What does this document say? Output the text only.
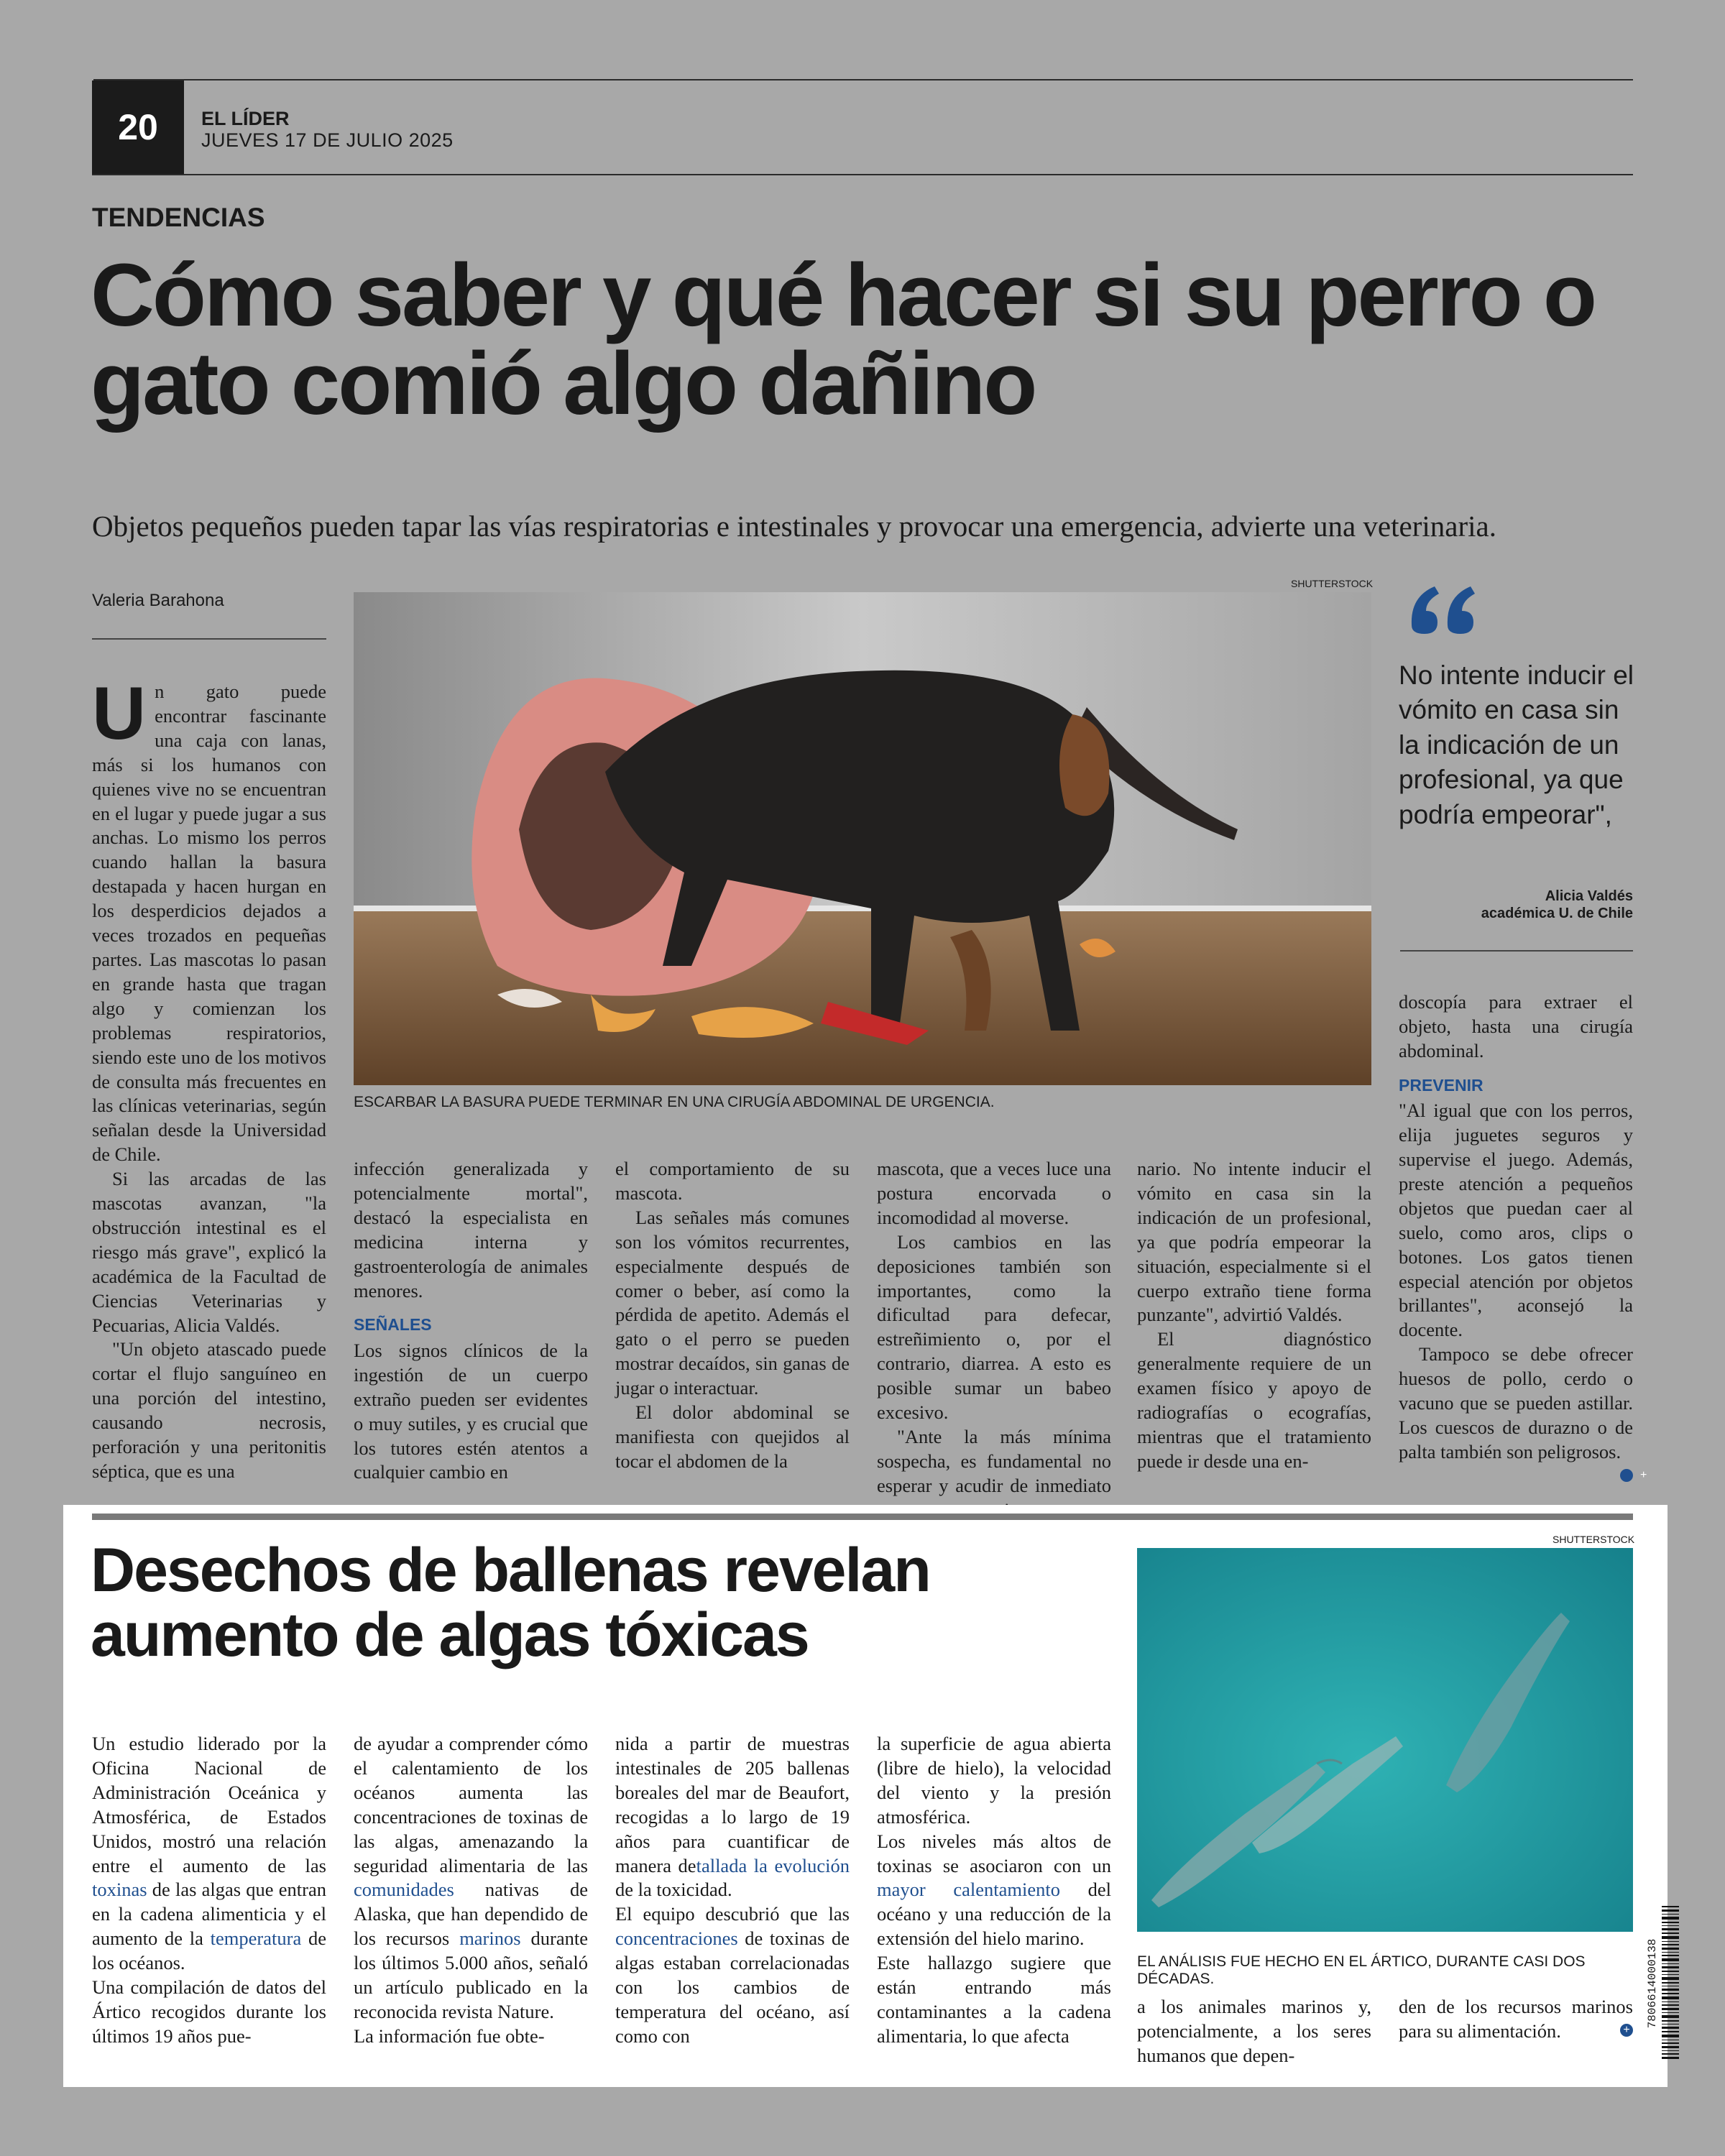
20	EL LÍDER
JUEVES 17 DE JULIO 2025
TENDENCIAS
Cómo saber y qué hacer si su perro o gato comió algo dañino
Objetos pequeños pueden tapar las vías respiratorias e intestinales y provocar una emergencia, advierte una veterinaria.
Valeria Barahona
SHUTTERSTOCK
ESCARBAR LA BASURA PUEDE TERMINAR EN UNA CIRUGÍA ABDOMINAL DE URGENCIA.
No intente inducir el vómito en casa sin la indicación de un profesional, ya que podría empeorar",
Alicia Valdés
académica U. de Chile

Un gato puede encontrar fascinante una caja con lanas, más si los humanos con quienes vive no se encuentran en el lugar y puede jugar a sus anchas. Lo mismo los perros cuando hallan la basura destapada y hacen hurgan en los desperdicios dejados a veces trozados en pequeñas partes. Las mascotas lo pasan en grande hasta que tragan algo y comienzan los problemas respiratorios, siendo este uno de los motivos de consulta más frecuentes en las clínicas veterinarias, según señalan desde la Universidad de Chile.

Si las arcadas de las mascotas avanzan, "la obstrucción intestinal es el riesgo más grave", explicó la académica de la Facultad de Ciencias Veterinarias y Pecuarias, Alicia Valdés.

"Un objeto atascado puede cortar el flujo sanguíneo en una porción del intestino, causando necrosis, perforación y una peritonitis séptica, que es una

infección generalizada y potencialmente mortal", destacó la especialista en medicina interna y gastroenterología de animales menores.

SEÑALES

Los signos clínicos de la ingestión de un cuerpo extraño pueden ser evidentes o muy sutiles, y es crucial que los tutores estén atentos a cualquier cambio en

el comportamiento de su mascota.

Las señales más comunes son los vómitos recurrentes, especialmente después de comer o beber, así como la pérdida de apetito. Además el gato o el perro se pueden mostrar decaídos, sin ganas de jugar o interactuar.

El dolor abdominal se manifiesta con quejidos al tocar el abdomen de la

mascota, que a veces luce una postura encorvada o incomodidad al moverse.

Los cambios en las deposiciones también son importantes, como la dificultad para defecar, estreñimiento o, por el contrario, diarrea. A esto es posible sumar un babeo excesivo.

"Ante la más mínima sospecha, es fundamental no esperar y acudir de inmediato

nario. No intente inducir el vómito en casa sin la indicación de un profesional, ya que podría empeorar la situación, especialmente si el cuerpo extraño tiene forma punzante", advirtió Valdés.

El diagnóstico generalmente requiere de un examen físico y apoyo de radiografías o ecografías, mientras que el tratamiento puede ir desde una en-

doscopía para extraer el objeto, hasta una cirugía abdominal.

PREVENIR

"Al igual que con los perros, elija juguetes seguros y supervise el juego. Además, preste atención a pequeños objetos que puedan caer al suelo, como aros, clips o botones. Los gatos tienen especial atención por objetos brillantes", aconsejó la docente.

Tampoco se debe ofrecer huesos de pollo, cerdo o vacuno que se pueden astillar. Los cuescos de durazno o de palta también son peligrosos.
+

Desechos de ballenas revelan aumento de algas tóxicas
SHUTTERSTOCK
EL ANÁLISIS FUE HECHO EN EL ÁRTICO, DURANTE CASI DOS DÉCADAS.

Un estudio liderado por la Oficina Nacional de Administración Oceánica y Atmosférica, de Estados Unidos, mostró una relación entre el aumento de las toxinas de las algas que entran en la cadena alimenticia y el aumento de la temperatura de los océanos.

Una compilación de datos del Ártico recogidos durante los últimos 19 años pue-

de ayudar a comprender cómo el calentamiento de los océanos aumenta las concentraciones de toxinas de las algas, amenazando la seguridad alimentaria de las comunidades nativas de Alaska, que han dependido de los recursos marinos durante los últimos 5.000 años, señaló un artículo publicado en la reconocida revista Nature.

La información fue obte-

nida a partir de muestras intestinales de 205 ballenas boreales del mar de Beaufort, recogidas a lo largo de 19 años para cuantificar de manera detallada la evolución de la toxicidad.

El equipo descubrió que las concentraciones de toxinas de algas estaban correlacionadas con los cambios de temperatura del océano, así como con

la superficie de agua abierta (libre de hielo), la velocidad del viento y la presión atmosférica.

Los niveles más altos de toxinas se asociaron con un mayor calentamiento del océano y una reducción de la extensión del hielo marino.

Este hallazgo sugiere que están entrando más contaminantes a la cadena alimentaria, lo que afecta

a los animales marinos y, potencialmente, a los seres humanos que depen-

den de los recursos marinos para su alimentación.	+

7806614000138
